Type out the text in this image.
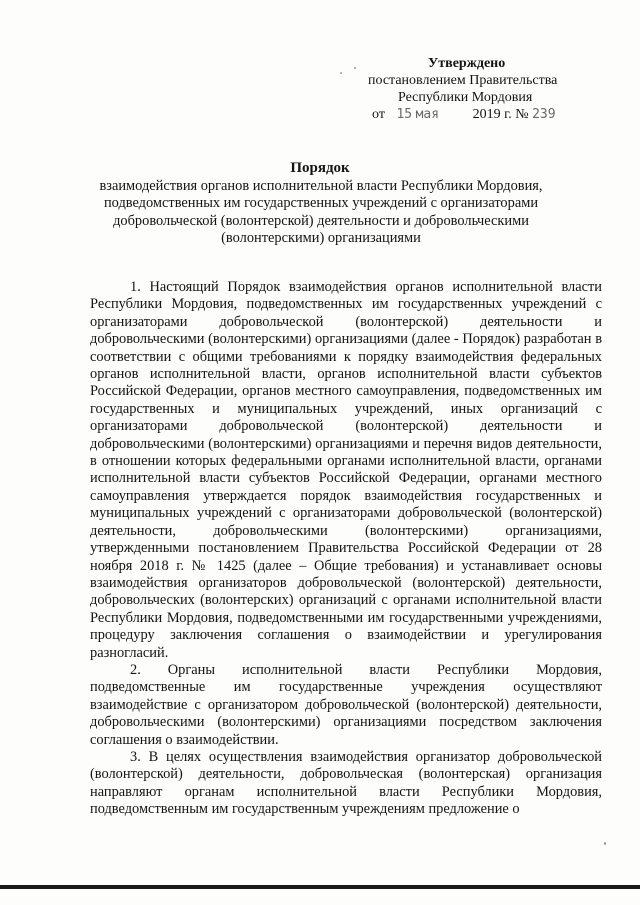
Утверждено
постановлением Правительства
Республики Мордовия
от 15 мая 2019 г. № 239
Порядок
взаимодействия органов исполнительной власти Республики Мордовия, подведомственных им государственных учреждений с организаторами добровольческой (волонтерской) деятельности и добровольческими (волонтерскими) организациями

1. Настоящий Порядок взаимодействия органов исполнительной власти Республики Мордовия, подведомственных им государственных учреждений с организаторами добровольческой (волонтерской) деятельности и добровольческими (волонтерскими) организациями (далее - Порядок) разработан в соответствии с общими требованиями к порядку взаимодействия федеральных органов исполнительной власти, органов исполнительной власти субъектов Российской Федерации, органов местного самоуправления, подведомственных им государственных и муниципальных учреждений, иных организаций с организаторами добровольческой (волонтерской) деятельности и добровольческими (волонтерскими) организациями и перечня видов деятельности, в отношении которых федеральными органами исполнительной власти, органами исполнительной власти субъектов Российской Федерации, органами местного самоуправления утверждается порядок взаимодействия государственных и муниципальных учреждений с организаторами добровольческой (волонтерской) деятельности, добровольческими (волонтерскими) организациями, утвержденными постановлением Правительства Российской Федерации от 28 ноября 2018 г. № 1425 (далее – Общие требования) и устанавливает основы взаимодействия организаторов добровольческой (волонтерской) деятельности, добровольческих (волонтерских) организаций с органами исполнительной власти Республики Мордовия, подведомственными им государственными учреждениями, процедуру заключения соглашения о взаимодействии и урегулирования разногласий.

2. Органы исполнительной власти Республики Мордовия, подведомственные им государственные учреждения осуществляют взаимодействие с организатором добровольческой (волонтерской) деятельности, добровольческими (волонтерскими) организациями посредством заключения соглашения о взаимодействии.

3. В целях осуществления взаимодействия организатор добровольческой (волонтерской) деятельности, добровольческая (волонтерская) организация направляют органам исполнительной власти Республики Мордовия, подведомственным им государственным учреждениям предложение о
